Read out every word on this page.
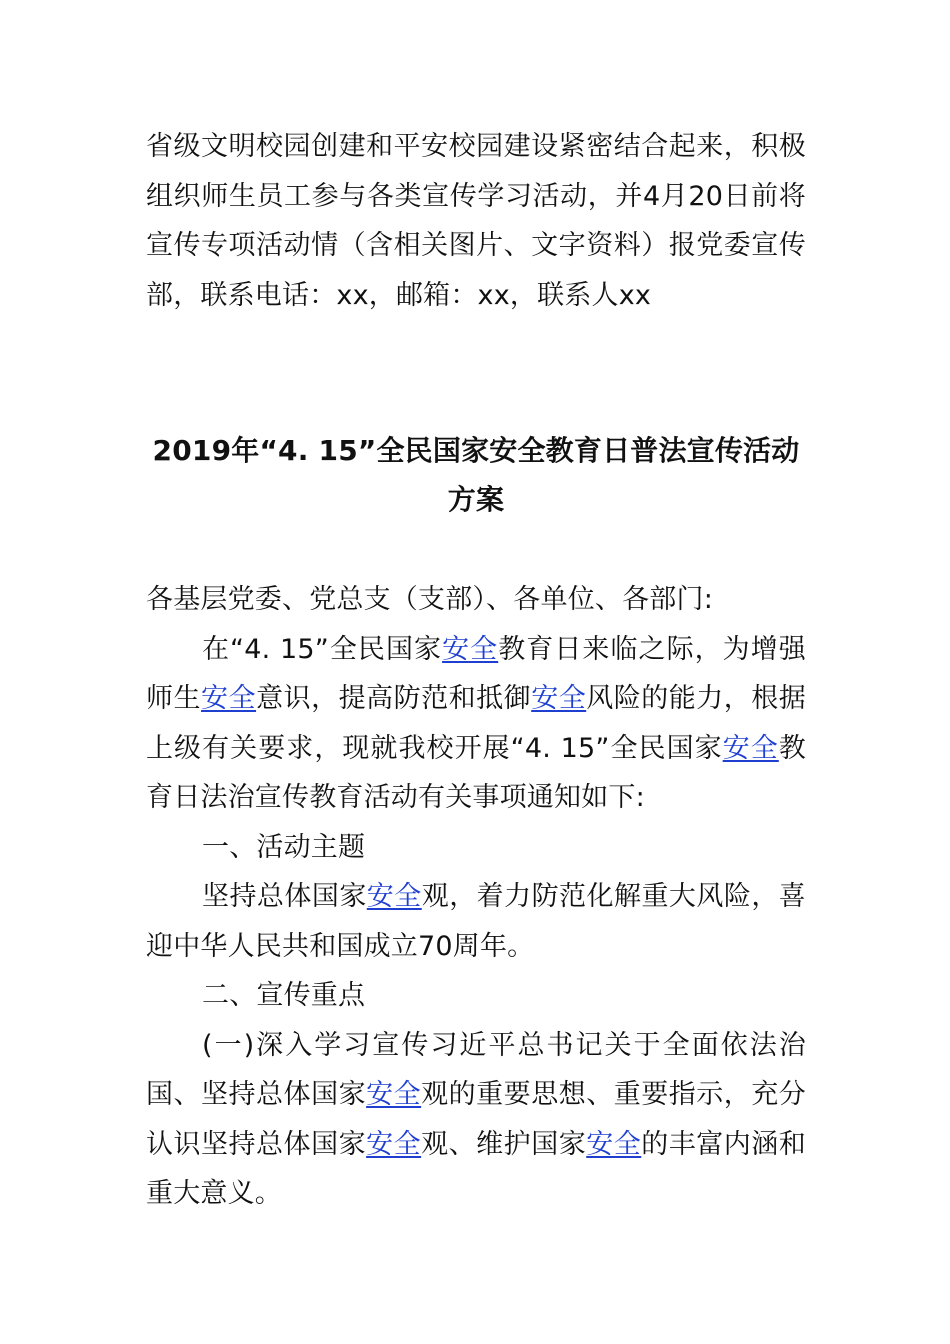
省级文明校园创建和平安校园建设紧密结合起来，积极组织师生员工参与各类宣传学习活动，并4月20日前将宣传专项活动情（含相关图片、文字资料）报党委宣传部，联系电话：xx，邮箱：xx，联系人xx

2019年“4. 15”全民国家安全教育日普法宣传活动方案

各基层党委、党总支（支部）、各单位、各部门:

在“4. 15”全民国家安全教育日来临之际，为增强师生安全意识，提高防范和抵御安全风险的能力，根据上级有关要求，现就我校开展“4. 15”全民国家安全教育日法治宣传教育活动有关事项通知如下:

一、活动主题

坚持总体国家安全观，着力防范化解重大风险，喜迎中华人民共和国成立70周年。

二、宣传重点

(一)深入学习宣传习近平总书记关于全面依法治国、坚持总体国家安全观的重要思想、重要指示，充分认识坚持总体国家安全观、维护国家安全的丰富内涵和重大意义。
